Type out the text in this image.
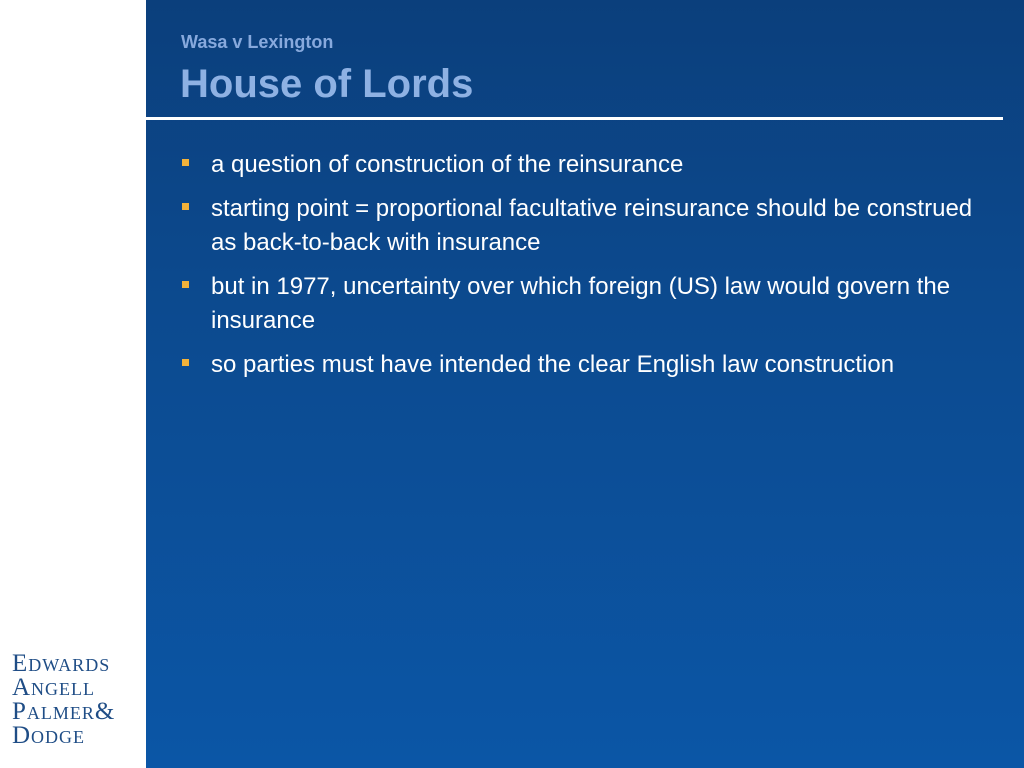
Wasa v Lexington
House of Lords
a question of construction of the reinsurance
starting point = proportional facultative reinsurance should be construed as back-to-back with insurance
but in 1977, uncertainty over which foreign (US) law would govern the insurance
so parties must have intended the clear English law construction
Edwards
Angell
Palmer&
Dodge
